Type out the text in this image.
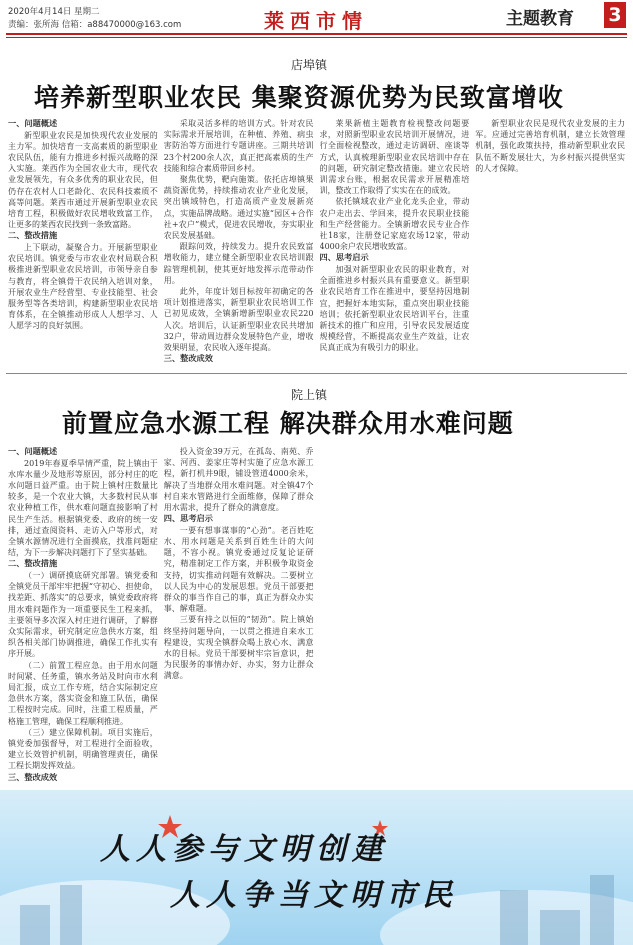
2020年4月14日 星期二
责编：张所海 信箱：a88470000@163.com	莱西市情	主题教育 3
店埠镇
培养新型职业农民 集聚资源优势为民致富增收
一、问题概述

新型职业农民是加快现代农业发展的主力军。加快培育一支高素质的新型职业农民队伍，能有力推进乡村振兴战略的深入实施。莱西作为全国农业大市，现代农业发展领先，有众多优秀的职业农民，但仍存在农村人口老龄化、农民科技素质不高等问题。莱西市通过开展新型职业农民培育工程，积极做好农民增收致富工作，让更多的莱西农民找到一条致富路。

二、整改措施

上下联动，凝聚合力。开展新型职业农民培训。镇党委与市农业农村局联合积极推进新型职业农民培训，市领导亲自参与教育，将全镇骨干农民纳入培训对象，开展农业生产经营型、专业技能型、社会服务型等各类培训，构建新型职业农民培育体系，在全镇推动形成人人想学习、人人愿学习的良好氛围。

采取灵活多样的培训方式。针对农民实际需求开展培训，在种植、养殖、病虫害防治等方面进行专题讲座。三期共培训23个村200余人次，真正把高素质的生产技能和综合素质带回乡村。

聚焦优势，靶向施策。依托店埠镇果蔬资源优势，持续推动农业产业化发展，突出镇域特色，打造高质产业发展新亮点，实施品牌战略。通过实施“园区+合作社+农户”模式，促进农民增收，夯实职业农民发展基础。

跟踪问效，持续发力。提升农民致富增收能力，建立健全新型职业农民培训跟踪管理机制，使其更好地发挥示范带动作用。

此外，年度计划目标按年初确定的各项计划推进落实，新型职业农民培训工作已初见成效，全镇新增新型职业农民220人次。培训后，认证新型职业农民共增加32户，带动周边群众发展特色产业，增收效果明显，农民收入逐年提高。

三、整改成效

莱果新植主题教育检视整改问题要求，对照新型职业农民培训开展情况，进行全面检视整改，通过走访调研、座谈等方式，认真梳理新型职业农民培训中存在的问题，研究制定整改措施。建立农民培训需求台账，根据农民需求开展精准培训，整改工作取得了实实在在的成效。

依托镇域农业产业化龙头企业，带动农户走出去、学回来，提升农民职业技能和生产经营能力。全镇新增农民专业合作社18家，注册登记家庭农场12家，带动4000余户农民增收致富。

四、思考启示

加强对新型职业农民的职业教育，对全面推进乡村振兴具有重要意义。新型职业农民培育工作在推进中，要坚持因地制宜，把握好本地实际，重点突出职业技能培训；依托新型职业农民培训平台，注重新技术的推广和应用，引导农民发展适度规模经营，不断提高农业生产效益，让农民真正成为有吸引力的职业。

新型职业农民是现代农业发展的主力军。应通过完善培育机制，建立长效管理机制，强化政策扶持，推动新型职业农民队伍不断发展壮大，为乡村振兴提供坚实的人才保障。

院上镇
前置应急水源工程 解决群众用水难问题
一、问题概述

2019年春夏季旱情严重，院上镇由于水库水量少及地形等原因，部分村庄的吃水问题日益严重。由于院上镇村庄数量比较多，是一个农业大镇，大多数村民从事农业种植工作，供水难问题直接影响了村民生产生活。根据镇党委、政府的统一安排，通过查阅资料、走访入户等形式，对全镇水源情况进行全面摸底，找准问题症结，为下一步解决问题打下了坚实基础。

二、整改措施

（一）调研摸底研究部署。镇党委和全镇党员干部牢牢把握“守初心、担使命，找差距、抓落实”的总要求，镇党委政府将用水难问题作为一项重要民生工程来抓，主要领导多次深入村庄进行调研，了解群众实际需求，研究制定应急供水方案，组织各相关部门协调推进，确保工作扎实有序开展。

（二）前置工程应急。由于用水问题时间紧、任务重，镇水务站及时向市水利局汇报，成立工作专班，结合实际制定应急供水方案，落实资金和施工队伍，确保工程按时完成。同时，注重工程质量，严格施工管理，确保工程顺利推进。

（三）建立保障机制。项目实施后，镇党委加强督导，对工程进行全面验收，建立长效管护机制，明确管理责任，确保工程长期发挥效益。

三、整改成效

投入资金39万元，在孤岛、南苑、乔家、河西、姜家庄等村实施了应急水源工程，新打机井9眼，铺设管道4000余米，解决了当地群众用水难问题。对全镇47个村自来水管路进行全面维修，保障了群众用水需求，提升了群众的满意度。

四、思考启示

一要有想事谋事的“心劲”。老百姓吃水、用水问题是关系到百姓生计的大问题，不容小视。镇党委通过反复论证研究，精准制定工作方案，并积极争取资金支持，切实推动问题有效解决。二要树立以人民为中心的发展思想。党员干部要把群众的事当作自己的事，真正为群众办实事、解难题。

三要有持之以恒的“韧劲”。院上镇始终坚持问题导向，一以贯之推进自来水工程建设，实现全镇群众喝上放心水、满意水的目标。党员干部要树牢宗旨意识，把为民服务的事情办好、办实，努力让群众满意。

人人参与文明创建
人人争当文明市民
